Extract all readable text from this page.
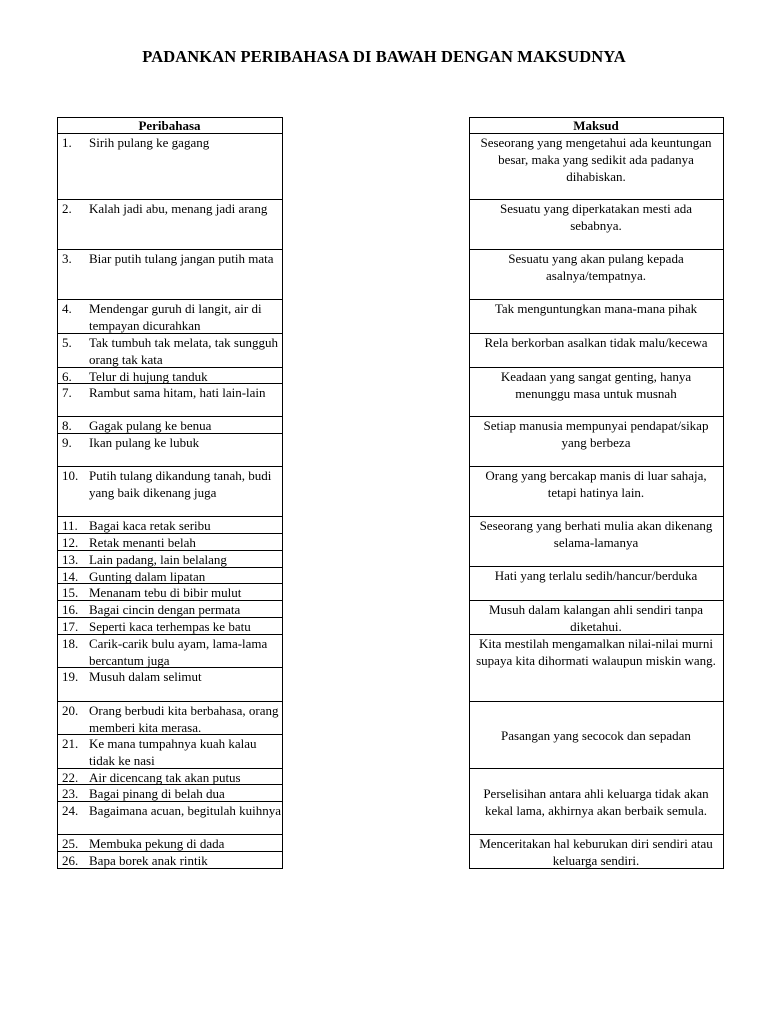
PADANKAN PERIBAHASA DI BAWAH DENGAN MAKSUDNYA
Peribahasa	Maksud
1. Sirih pulang ke gagang
2. Kalah jadi abu, menang jadi arang
3. Biar putih tulang jangan putih mata
4. Mendengar guruh di langit, air di tempayan dicurahkan
5. Tak tumbuh tak melata, tak sungguh orang tak kata
6. Telur di hujung tanduk
7. Rambut sama hitam, hati lain-lain
8. Gagak pulang ke benua
9. Ikan pulang ke lubuk
10. Putih tulang dikandung tanah, budi yang baik dikenang juga
11. Bagai kaca retak seribu
12. Retak menanti belah
13. Lain padang, lain belalang
14. Gunting dalam lipatan
15. Menanam tebu di bibir mulut
16. Bagai cincin dengan permata
17. Seperti kaca terhempas ke batu
18. Carik-carik bulu ayam, lama-lama bercantum juga
19. Musuh dalam selimut
20. Orang berbudi kita berbahasa, orang memberi kita merasa.
21. Ke mana tumpahnya kuah kalau tidak ke nasi
22. Air dicencang tak akan putus
23. Bagai pinang di belah dua
24. Bagaimana acuan, begitulah kuihnya
25. Membuka pekung di dada
26. Bapa borek anak rintik
Seseorang yang mengetahui ada keuntungan besar, maka yang sedikit ada padanya dihabiskan.
Sesuatu yang diperkatakan mesti ada sebabnya.
Sesuatu yang akan pulang kepada asalnya/tempatnya.
Tak menguntungkan mana-mana pihak
Rela berkorban asalkan tidak malu/kecewa
Keadaan yang sangat genting, hanya menunggu masa untuk musnah
Setiap manusia mempunyai pendapat/sikap yang berbeza
Orang yang bercakap manis di luar sahaja, tetapi hatinya lain.
Seseorang yang berhati mulia akan dikenang selama-lamanya
Hati yang terlalu sedih/hancur/berduka
Musuh dalam kalangan ahli sendiri tanpa diketahui.
Kita mestilah mengamalkan nilai-nilai murni supaya kita dihormati walaupun miskin wang.
Pasangan yang secocok dan sepadan
Perselisihan antara ahli keluarga tidak akan kekal lama, akhirnya akan berbaik semula.
Menceritakan hal keburukan diri sendiri atau keluarga sendiri.
